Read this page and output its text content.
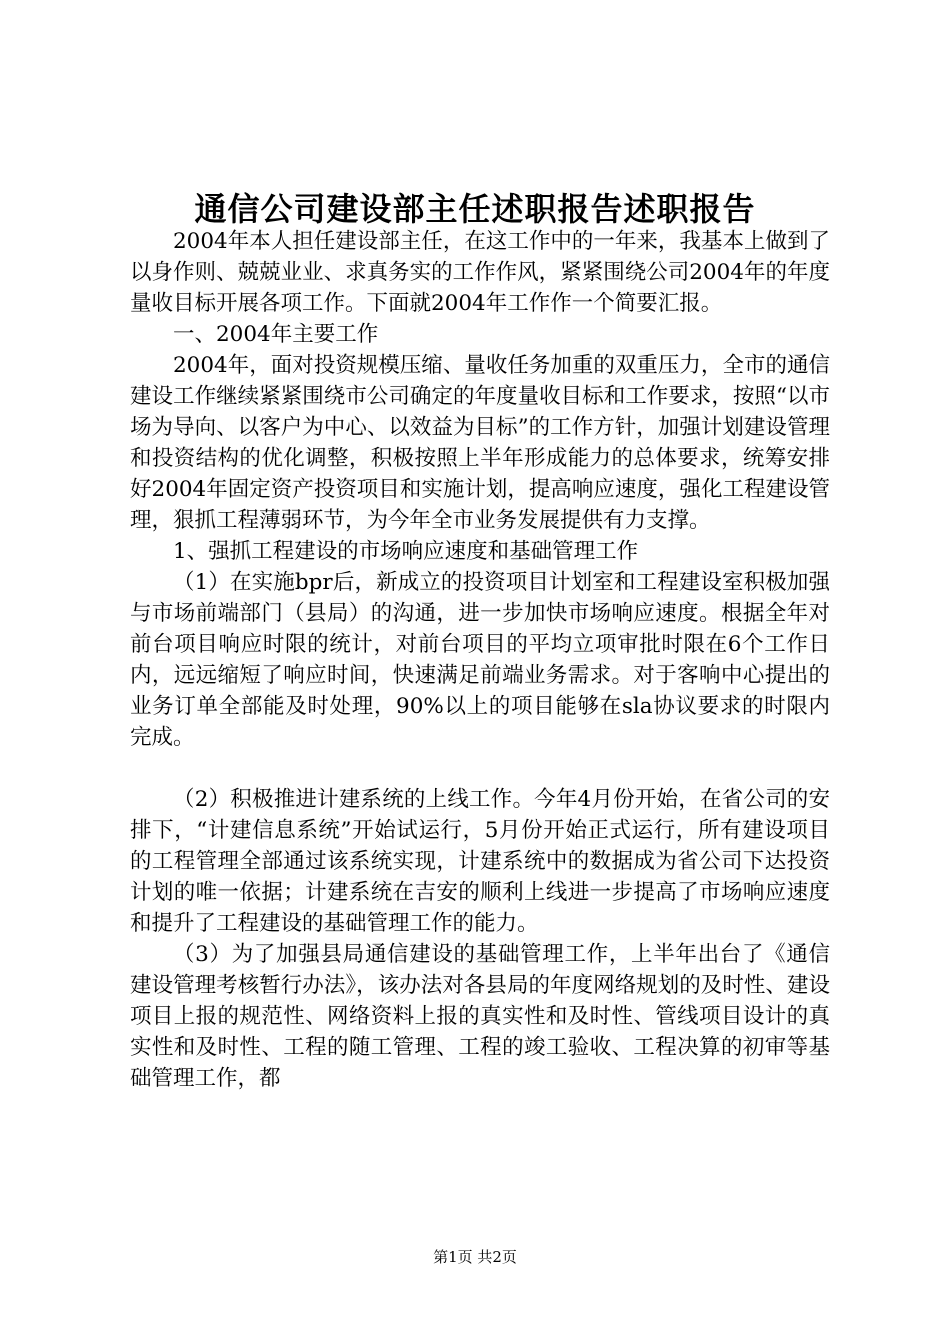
通信公司建设部主任述职报告述职报告

2004年本人担任建设部主任，在这工作中的一年来，我基本上做到了以身作则、兢兢业业、求真务实的工作作风，紧紧围绕公司2004年的年度量收目标开展各项工作。下面就2004年工作作一个简要汇报。

一、2004年主要工作

2004年，面对投资规模压缩、量收任务加重的双重压力，全市的通信建设工作继续紧紧围绕市公司确定的年度量收目标和工作要求，按照“以市场为导向、以客户为中心、以效益为目标”的工作方针，加强计划建设管理和投资结构的优化调整，积极按照上半年形成能力的总体要求，统筹安排好2004年固定资产投资项目和实施计划，提高响应速度，强化工程建设管理，狠抓工程薄弱环节，为今年全市业务发展提供有力支撑。

1、强抓工程建设的市场响应速度和基础管理工作

（1）在实施bpr后，新成立的投资项目计划室和工程建设室积极加强与市场前端部门（县局）的沟通，进一步加快市场响应速度。根据全年对前台项目响应时限的统计，对前台项目的平均立项审批时限在6个工作日内，远远缩短了响应时间，快速满足前端业务需求。对于客响中心提出的业务订单全部能及时处理，90%以上的项目能够在sla协议要求的时限内完成。

（2）积极推进计建系统的上线工作。今年4月份开始，在省公司的安排下，“计建信息系统”开始试运行，5月份开始正式运行，所有建设项目的工程管理全部通过该系统实现，计建系统中的数据成为省公司下达投资计划的唯一依据；计建系统在吉安的顺利上线进一步提高了市场响应速度和提升了工程建设的基础管理工作的能力。

（3）为了加强县局通信建设的基础管理工作，上半年出台了《通信建设管理考核暂行办法》，该办法对各县局的年度网络规划的及时性、建设项目上报的规范性、网络资料上报的真实性和及时性、管线项目设计的真实性和及时性、工程的随工管理、工程的竣工验收、工程决算的初审等基础管理工作，都

第1页 共2页
